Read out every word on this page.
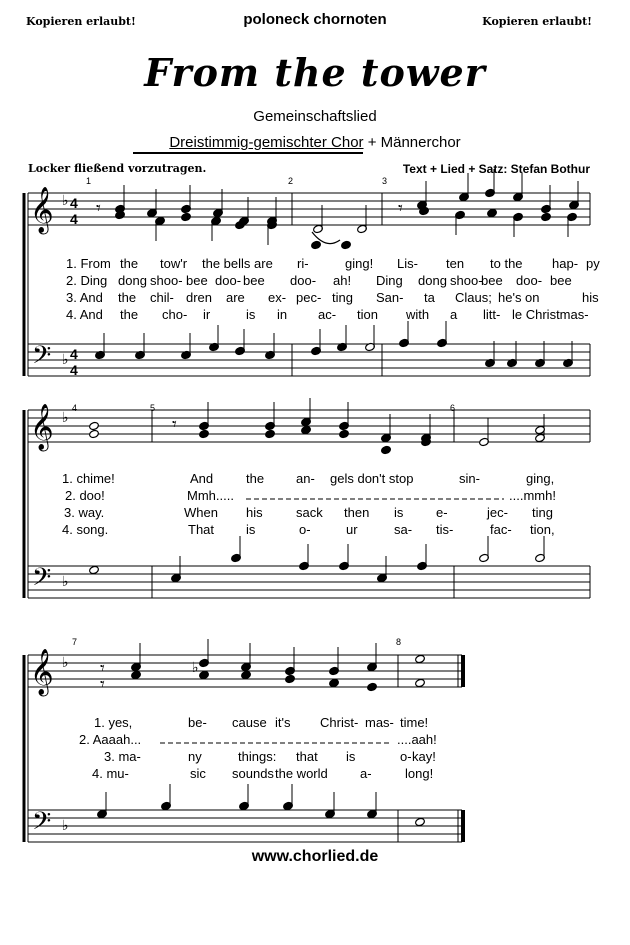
Kopieren erlaubt!	poloneck chornoten	Kopieren erlaubt!
From the tower
Gemeinschaftslied
Dreistimmig-gemischter Chor + Männerchor
Locker fließend vorzutragen.	Text + Lied + Satz: Stefan Bothur
𝄞
𝄢
♭
♭
4
4
4
4
1	2	3
𝄾	𝄾
𝄞
𝄢
♭
♭
4	5	6
𝄾
𝄞
𝄢
♭
♭
7	8
𝄾	♭
𝄾
1. From the tow'r the bells are ri-	ging! Lis- ten to the hap- py
2. Ding dong shoo- bee doo- bee doo- ah! Ding dong shoo-
bee doo- bee
3. And the chil- dren are ex- pec- ting San- ta Claus; he's on	his
4. And the cho- ir	is in ac- tion with a litt- le Christmas-
1. chime!	And	the an- gels don't stop	sin-	ging,
2. doo!	Mmh.....	....mmh!
3. way.	When his	sack then is	e-	jec- ting
4. song.	That is	o-	ur	sa- tis-	fac- tion,
1. yes,	be- cause it's Christ- mas- time!
2. Aaaah...	....aah!
3. ma-	ny	things: that is	o- kay!
4. mu-	sic sounds the world a-	long!
www.chorlied.de
